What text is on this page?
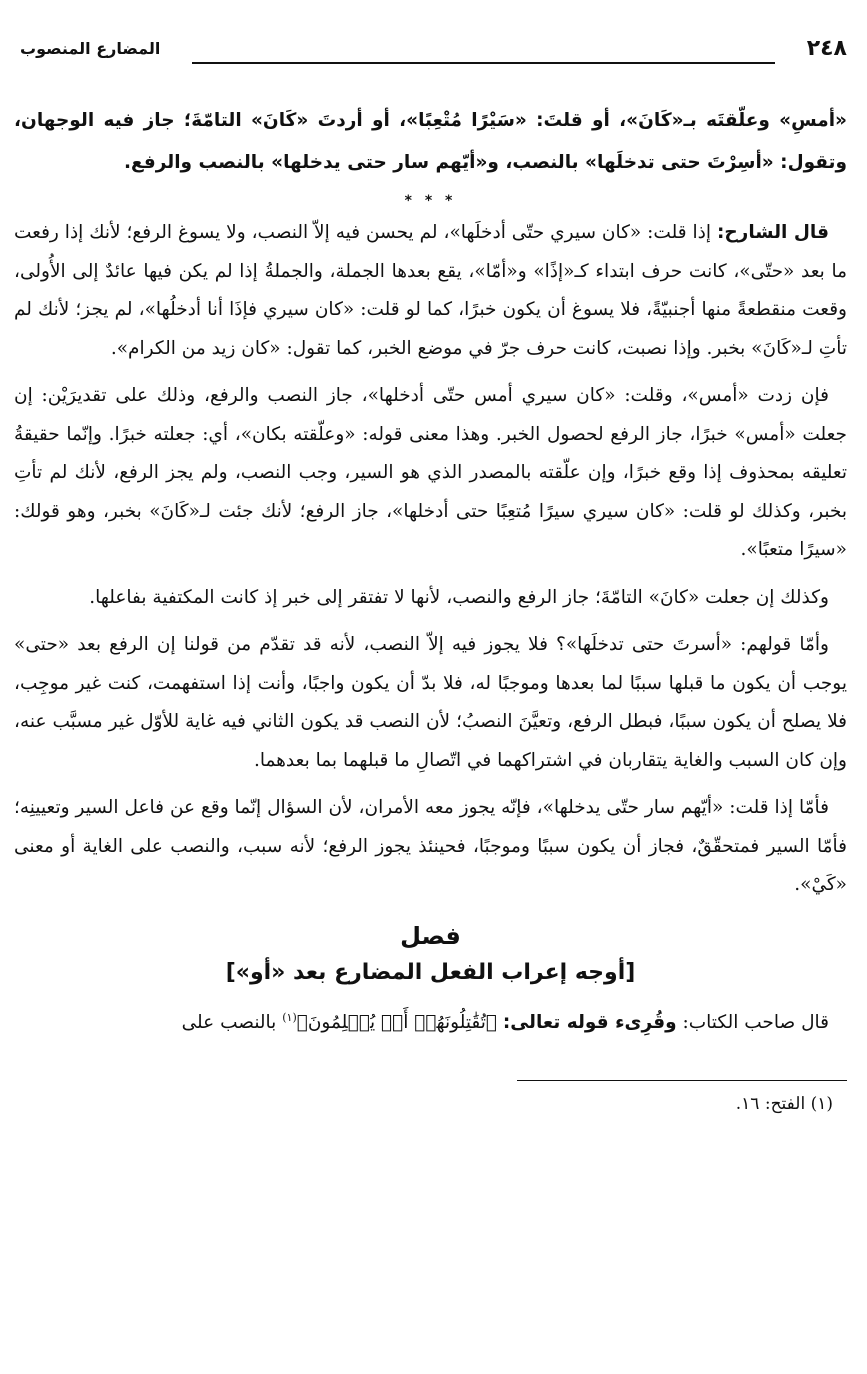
٢٤٨
المضارع المنصوب

«أمسِ» وعلّقتَه بـ«كَانَ»، أو قلتَ: «سَيْرًا مُتْعِبًا»، أو أردتَ «كَانَ» التامّةَ؛ جاز فيه الوجهان، وتقول: «أسِرْتَ حتى تدخلَها» بالنصب، و«أيّهم سار حتى يدخلها» بالنصب والرفع.

* * *

قال الشارح: إذا قلت: «كان سيري حتّى أدخلَها»، لم يحسن فيه إلاّ النصب، ولا يسوغ الرفع؛ لأنك إذا رفعت ما بعد «حتّى»، كانت حرف ابتداء كـ«إذًا» و«أمّا»، يقع بعدها الجملة، والجملةُ إذا لم يكن فيها عائدٌ إلى الأُولى، وقعت منقطعةً منها أجنبيّةً، فلا يسوغ أن يكون خبرًا، كما لو قلت: «كان سيري فإذَا أنا أدخلُها»، لم يجز؛ لأنك لم تأتِ لـ«كَانَ» بخبر. وإذا نصبت، كانت حرف جرّ في موضع الخبر، كما تقول: «كان زيد من الكرام».

فإن زدت «أمس»، وقلت: «كان سيري أمس حتّى أدخلها»، جاز النصب والرفع، وذلك على تقديرَيْن: إن جعلت «أمس» خبرًا، جاز الرفع لحصول الخبر. وهذا معنى قوله: «وعلّقته بكان»، أي: جعلته خبرًا. وإنّما حقيقةُ تعليقه بمحذوف إذا وقع خبرًا، وإن علّقته بالمصدر الذي هو السير، وجب النصب، ولم يجز الرفع، لأنك لم تأتِ بخبر، وكذلك لو قلت: «كان سيري سيرًا مُتعِبًا حتى أدخلها»، جاز الرفع؛ لأنك جئت لـ«كَانَ» بخبر، وهو قولك: «سيرًا متعبًا».

وكذلك إن جعلت «كانَ» التامّةَ؛ جاز الرفع والنصب، لأنها لا تفتقر إلى خبر إذ كانت المكتفية بفاعلها.

وأمّا قولهم: «أسرتَ حتى تدخلَها»؟ فلا يجوز فيه إلاّ النصب، لأنه قد تقدّم من قولنا إن الرفع بعد «حتى» يوجب أن يكون ما قبلها سببًا لما بعدها وموجبًا له، فلا بدّ أن يكون واجبًا، وأنت إذا استفهمت، كنت غير موجِب، فلا يصلح أن يكون سببًا، فبطل الرفع، وتعيَّنَ النصبُ؛ لأن النصب قد يكون الثاني فيه غاية للأوّل غير مسبَّب عنه، وإن كان السبب والغاية يتقاربان في اشتراكهما في اتّصالِ ما قبلهما بما بعدهما.

فأمّا إذا قلت: «أيّهم سار حتّى يدخلها»، فإنّه يجوز معه الأمران، لأن السؤال إنّما وقع عن فاعل السير وتعيينِه؛ فأمّا السير فمتحقّقٌ، فجاز أن يكون سببًا وموجبًا، فحينئذ يجوز الرفع؛ لأنه سبب، والنصب على الغاية أو معنى «كَيْ».

فصل
[أوجه إعراب الفعل المضارع بعد «أو»]

قال صاحب الكتاب: وقُرِىء قوله تعالى: ﴿تُقَٰتِلُونَهُمۡ أَوۡ يُسۡلِمُونَ﴾$^{(١)}$ بالنصب على

(١) الفتح: ١٦.
